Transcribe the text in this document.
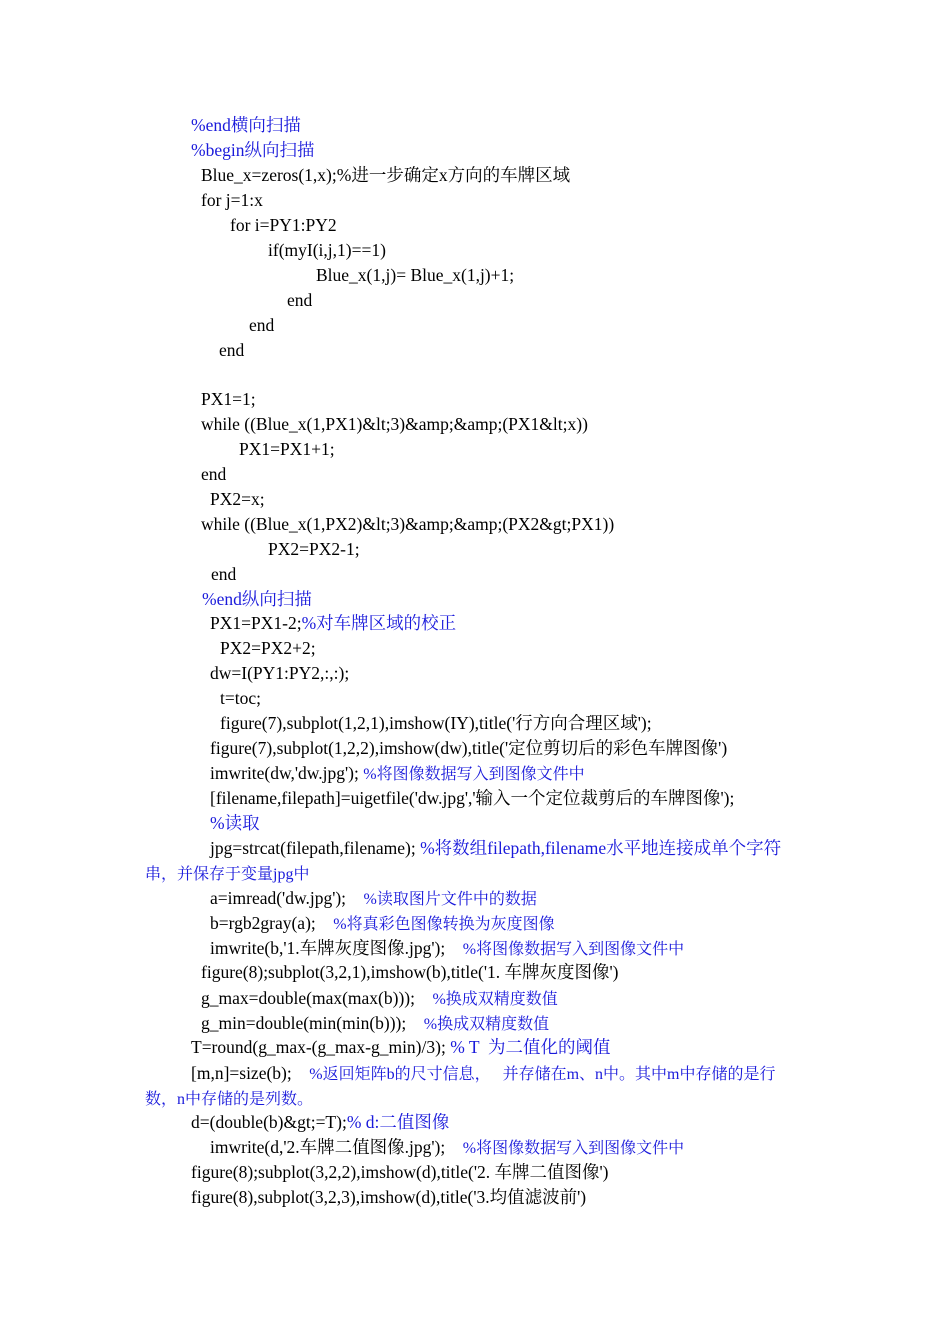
%end横向扫描
%begin纵向扫描
Blue_x=zeros(1,x);%进一步确定x方向的车牌区域
for j=1:x
for i=PY1:PY2
if(myI(i,j,1)==1)
Blue_x(1,j)= Blue_x(1,j)+1;
end
end
end
PX1=1;
while ((Blue_x(1,PX1)&lt;3)&amp;&amp;(PX1&lt;x))
PX1=PX1+1;
end
PX2=x;
while ((Blue_x(1,PX2)&lt;3)&amp;&amp;(PX2&gt;PX1))
PX2=PX2-1;
end
%end纵向扫描
PX1=PX1-2;%对车牌区域的校正
PX2=PX2+2;
dw=I(PY1:PY2,:,:);
t=toc;
figure(7),subplot(1,2,1),imshow(IY),title('行方向合理区域');
figure(7),subplot(1,2,2),imshow(dw),title('定位剪切后的彩色车牌图像')
imwrite(dw,'dw.jpg'); %将图像数据写入到图像文件中
[filename,filepath]=uigetfile('dw.jpg','输入一个定位裁剪后的车牌图像');
%读取
jpg=strcat(filepath,filename); %将数组filepath,filename水平地连接成单个字符
串，并保存于变量jpg中
a=imread('dw.jpg');    %读取图片文件中的数据
b=rgb2gray(a);    %将真彩色图像转换为灰度图像
imwrite(b,'1.车牌灰度图像.jpg');    %将图像数据写入到图像文件中
figure(8);subplot(3,2,1),imshow(b),title('1. 车牌灰度图像')
g_max=double(max(max(b)));    %换成双精度数值
g_min=double(min(min(b)));    %换成双精度数值
T=round(g_max-(g_max-g_min)/3); % T  为二值化的阈值
[m,n]=size(b);    %返回矩阵b的尺寸信息，   并存储在m、n中。其中m中存储的是行
数，n中存储的是列数。
d=(double(b)&gt;=T);% d:二值图像
imwrite(d,'2.车牌二值图像.jpg');    %将图像数据写入到图像文件中
figure(8);subplot(3,2,2),imshow(d),title('2. 车牌二值图像')
figure(8),subplot(3,2,3),imshow(d),title('3.均值滤波前')
